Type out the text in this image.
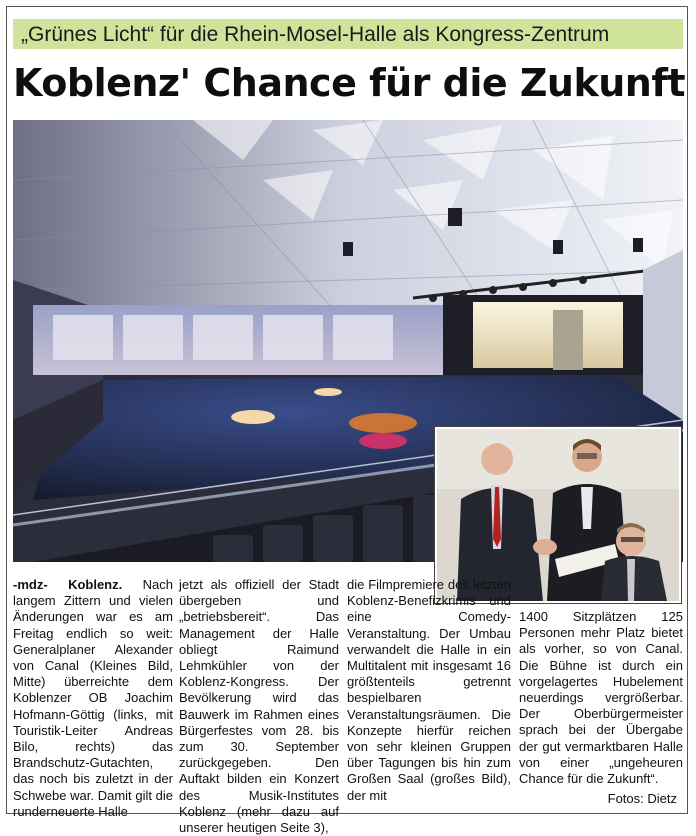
„Grünes Licht“ für die Rhein-Mosel-Halle als Kongress-Zentrum
Koblenz' Chance für die Zukunft

-mdz- Koblenz. Nach langem Zittern und vielen Änderungen war es am Freitag endlich so weit: Generalplaner Alexander von Canal (Kleines Bild, Mitte) überreichte dem Koblenzer OB Joachim Hofmann-Göttig (links, mit Touristik-Leiter Andreas Bilo, rechts) das Brandschutz-Gutachten, das noch bis zuletzt in der Schwebe war. Damit gilt die runderneuerte Halle

jetzt als offiziell der Stadt übergeben und „betriebsbereit“. Das Management der Halle obliegt Raimund Lehmkühler von der Koblenz-Kongress. Der Bevölkerung wird das Bauwerk im Rahmen eines Bürgerfestes vom 28. bis zum 30. September zurückgegeben. Den Auftakt bilden ein Konzert des Musik-Institutes Koblenz (mehr dazu auf unserer heutigen Seite 3),

die Filmpremiere des letzten Koblenz-Benefizkrimis und eine Comedy-Veranstaltung. Der Umbau verwandelt die Halle in ein Multitalent mit insgesamt 16 größtenteils getrennt bespielbaren Veranstaltungsräumen. Die Konzepte hierfür reichen von sehr kleinen Gruppen über Tagungen bis hin zum Großen Saal (großes Bild), der mit

1400 Sitzplätzen 125 Personen mehr Platz bietet als vorher, so von Canal. Die Bühne ist durch ein vorgelagertes Hubelement neuerdings vergrößerbar. Der Oberbürgermeister sprach bei der Übergabe der gut vermarktbaren Halle von einer „ungeheuren Chance für die Zukunft“.

Fotos: Dietz
